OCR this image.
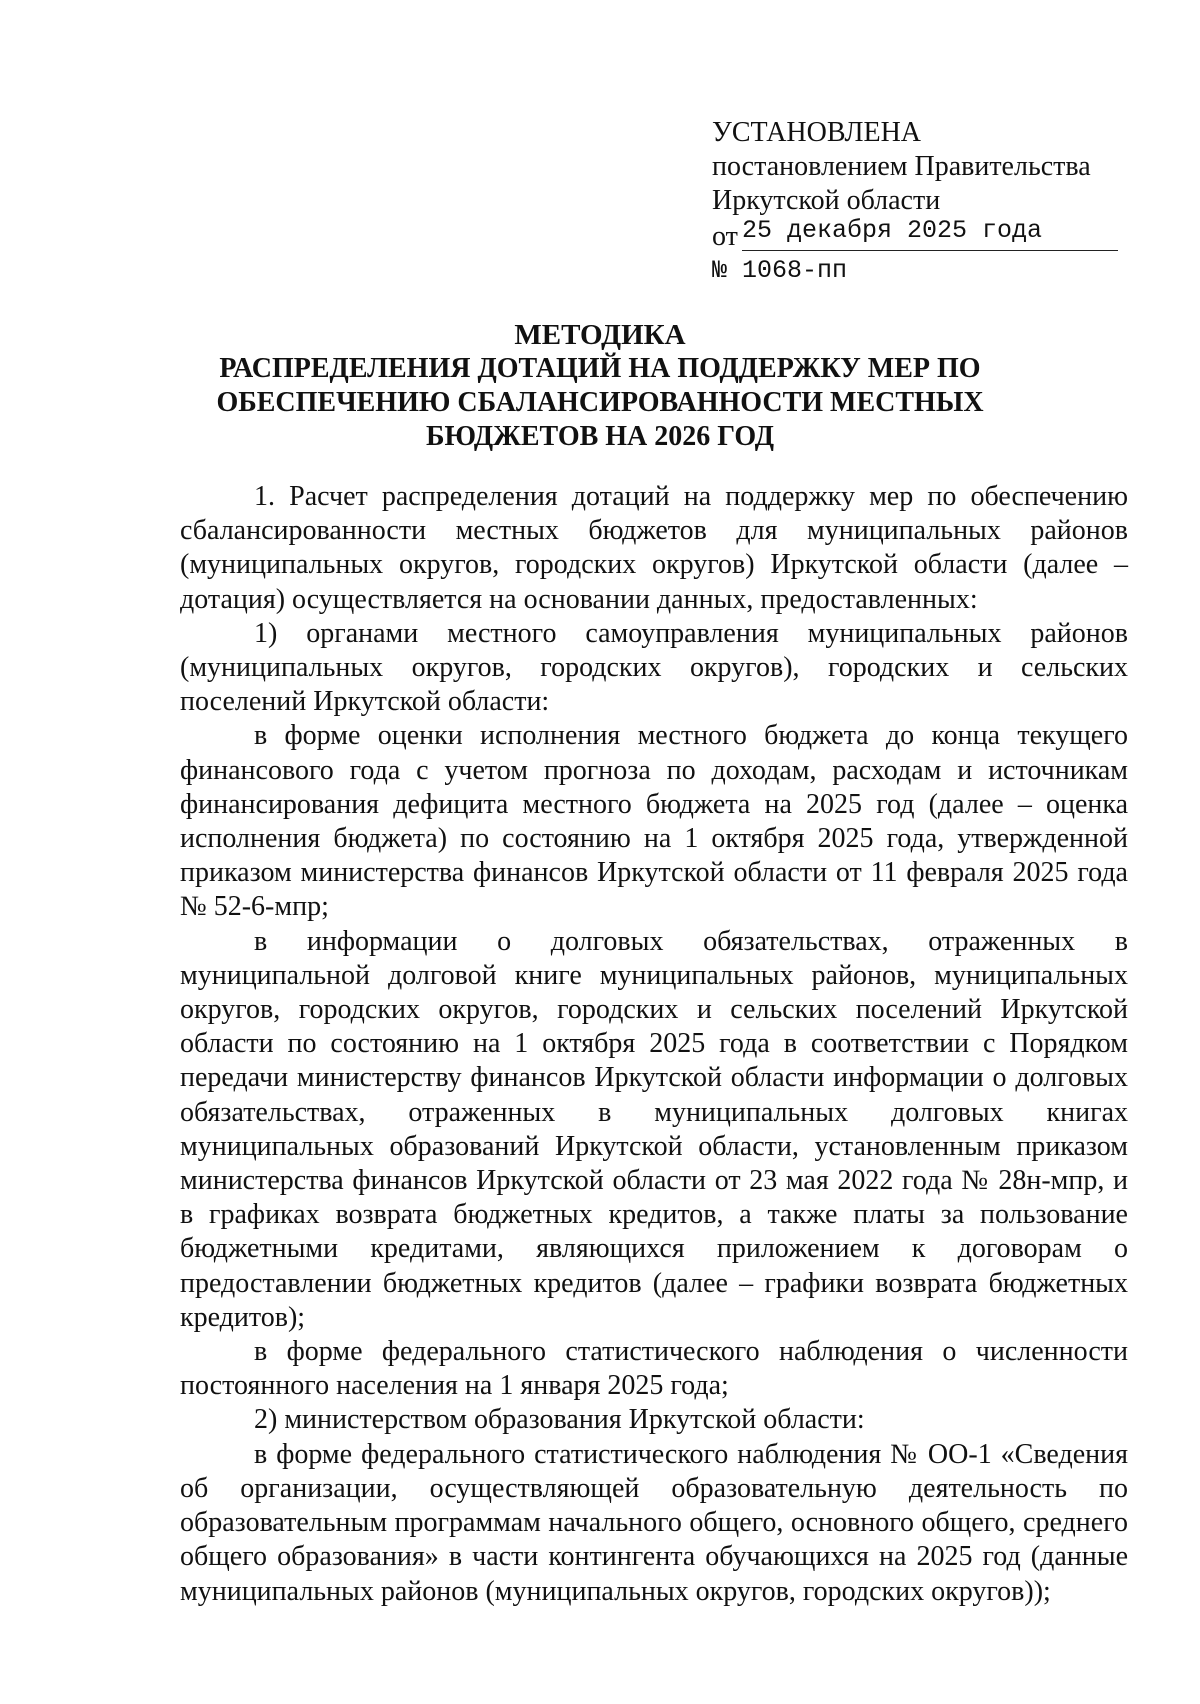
УСТАНОВЛЕНА
постановлением Правительства
Иркутской области
от 25 декабря 2025 года
№ 1068-пп
МЕТОДИКА
РАСПРЕДЕЛЕНИЯ ДОТАЦИЙ НА ПОДДЕРЖКУ МЕР ПО
ОБЕСПЕЧЕНИЮ СБАЛАНСИРОВАННОСТИ МЕСТНЫХ
БЮДЖЕТОВ НА 2026 ГОД

1. Расчет распределения дотаций на поддержку мер по обеспечению сбалансированности местных бюджетов для муниципальных районов (муниципальных округов, городских округов) Иркутской области (далее – дотация) осуществляется на основании данных, предоставленных:

1) органами местного самоуправления муниципальных районов (муниципальных округов, городских округов), городских и сельских поселений Иркутской области:

в форме оценки исполнения местного бюджета до конца текущего финансового года с учетом прогноза по доходам, расходам и источникам финансирования дефицита местного бюджета на 2025 год (далее – оценка исполнения бюджета) по состоянию на 1 октября 2025 года, утвержденной приказом министерства финансов Иркутской области от 11 февраля 2025 года № 52-6-мпр;

в информации о долговых обязательствах, отраженных в муниципальной долговой книге муниципальных районов, муниципальных округов, городских округов, городских и сельских поселений Иркутской области по состоянию на 1 октября 2025 года в соответствии с Порядком передачи министерству финансов Иркутской области информации о долговых обязательствах, отраженных в муниципальных долговых книгах муниципальных образований Иркутской области, установленным приказом министерства финансов Иркутской области от 23 мая 2022 года № 28н-мпр, и в графиках возврата бюджетных кредитов, а также платы за пользование бюджетными кредитами, являющихся приложением к договорам о предоставлении бюджетных кредитов (далее – графики возврата бюджетных кредитов);

в форме федерального статистического наблюдения о численности постоянного населения на 1 января 2025 года;

2) министерством образования Иркутской области:

в форме федерального статистического наблюдения № ОО-1 «Сведения об организации, осуществляющей образовательную деятельность по образовательным программам начального общего, основного общего, среднего общего образования» в части контингента обучающихся на 2025 год (данные муниципальных районов (муниципальных округов, городских округов));
